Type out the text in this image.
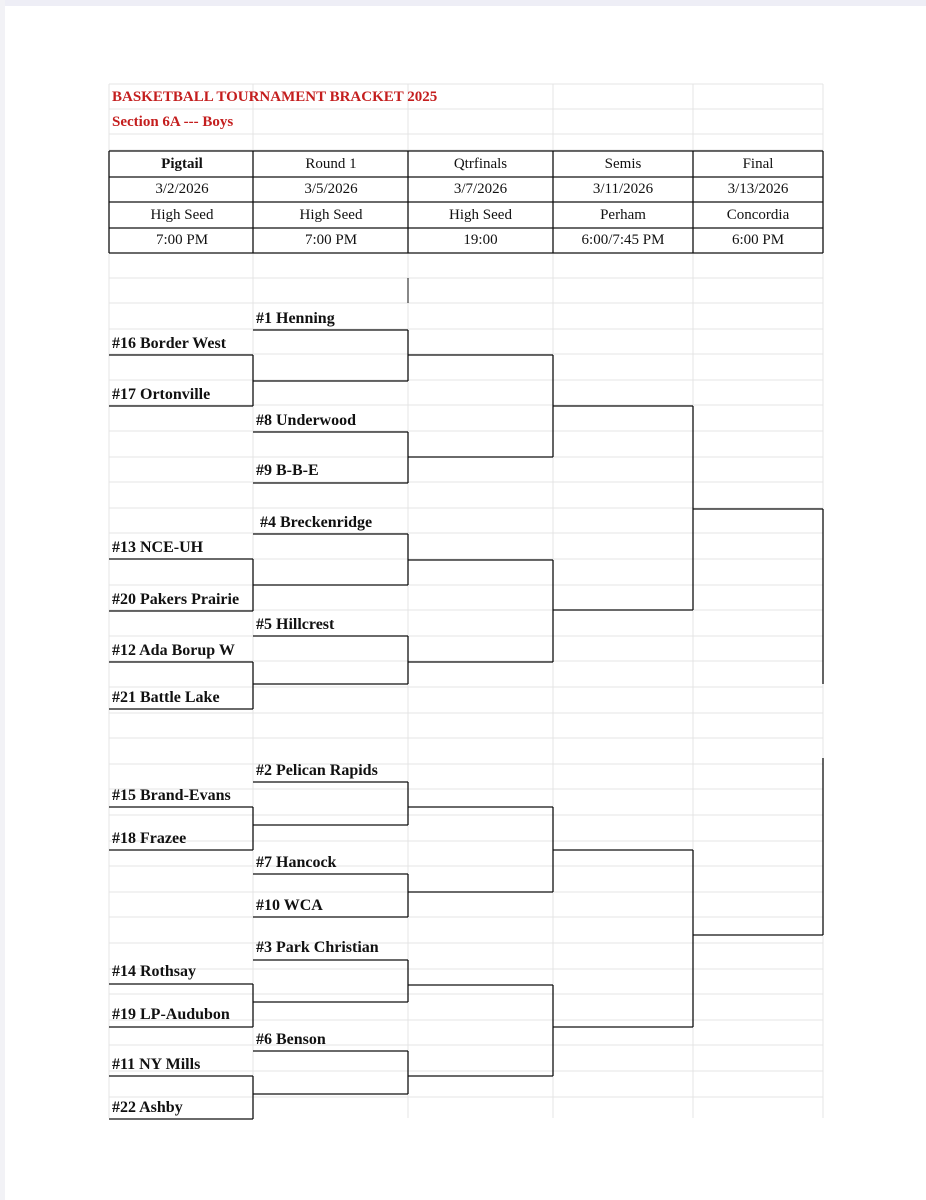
BASKETBALL TOURNAMENT BRACKET 2025
Section 6A --- Boys
Pigtail	Round 1	Qtrfinals	Semis	Final
3/2/2026	3/5/2026	3/7/2026	3/11/2026	3/13/2026
High Seed	High Seed	High Seed	Perham	Concordia
7:00 PM	7:00 PM	19:00	6:00/7:45 PM	6:00 PM
#16 Border West
#17 Ortonville
#13 NCE-UH
#20 Pakers Prairie
#12 Ada Borup W
#21 Battle Lake
#15 Brand-Evans
#18 Frazee
#14 Rothsay
#19 LP-Audubon
#11 NY Mills
#22 Ashby
#1 Henning
#8 Underwood
#9 B-B-E
#4 Breckenridge
#5 Hillcrest
#2 Pelican Rapids
#7 Hancock
#10 WCA
#3 Park Christian
#6 Benson
